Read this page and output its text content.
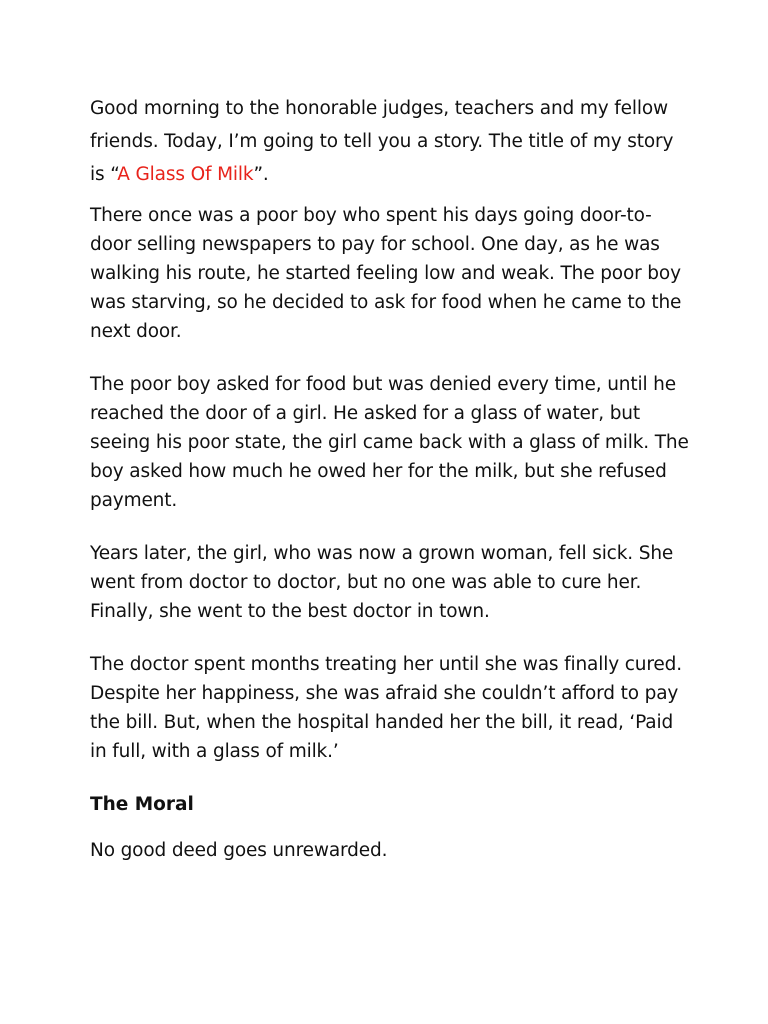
Good morning to the honorable judges, teachers and my fellow friends. Today, I’m going to tell you a story. The title of my story is “A Glass Of Milk”.

There once was a poor boy who spent his days going door-to-door selling newspapers to pay for school. One day, as he was walking his route, he started feeling low and weak. The poor boy was starving, so he decided to ask for food when he came to the next door.

The poor boy asked for food but was denied every time, until he reached the door of a girl. He asked for a glass of water, but seeing his poor state, the girl came back with a glass of milk. The boy asked how much he owed her for the milk, but she refused payment.

Years later, the girl, who was now a grown woman, fell sick. She went from doctor to doctor, but no one was able to cure her. Finally, she went to the best doctor in town.

The doctor spent months treating her until she was finally cured. Despite her happiness, she was afraid she couldn’t afford to pay the bill. But, when the hospital handed her the bill, it read, ‘Paid in full, with a glass of milk.’

The Moral

No good deed goes unrewarded.
